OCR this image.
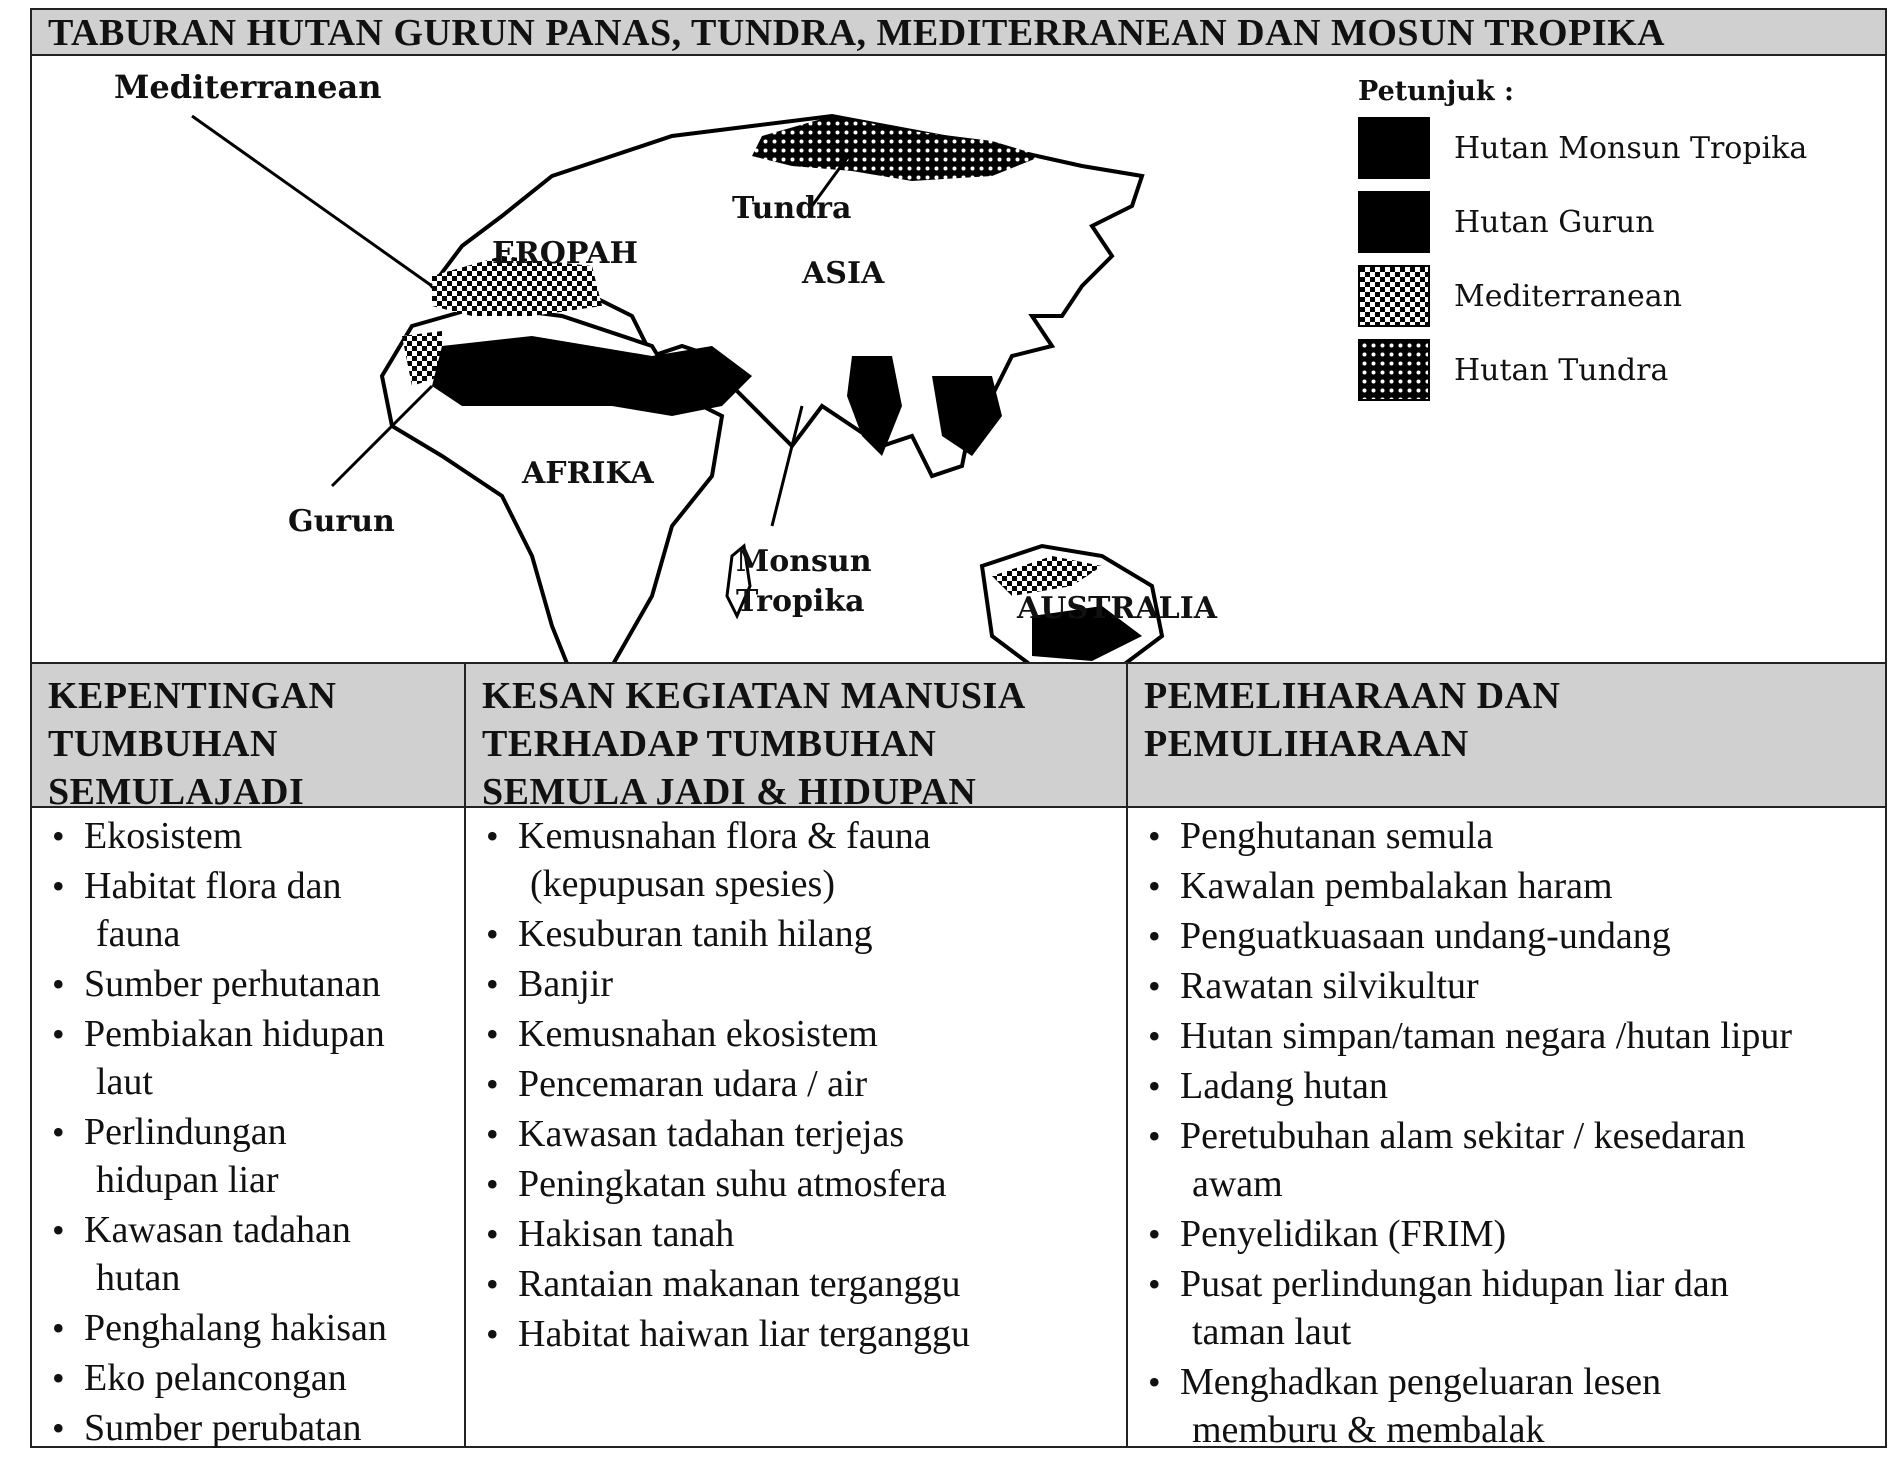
TABURAN HUTAN GURUN PANAS, TUNDRA, MEDITERRANEAN DAN MOSUN TROPIKA
Mediterranean
Tundra
EROPAH
ASIA
AFRIKA
Gurun
Monsun
Tropika	AUSTRALIA
Petunjuk :
Hutan Monsun Tropika
Hutan Gurun
Mediterranean
Hutan Tundra
KEPENTINGAN
TUMBUHAN
SEMULAJADI
KESAN KEGIATAN MANUSIA
TERHADAP TUMBUHAN
SEMULA JADI & HIDUPAN
PEMELIHARAAN DAN
PEMULIHARAAN
• Ekosistem
• Habitat flora dan
fauna
• Sumber perhutanan
• Pembiakan hidupan
laut
• Perlindungan
hidupan liar
• Kawasan tadahan
hutan
• Penghalang hakisan
• Eko pelancongan
• Sumber perubatan
• Kemusnahan flora & fauna
(kepupusan spesies)
• Kesuburan tanih hilang
• Banjir
• Kemusnahan ekosistem
• Pencemaran udara / air
• Kawasan tadahan terjejas
• Peningkatan suhu atmosfera
• Hakisan tanah
• Rantaian makanan terganggu
• Habitat haiwan liar terganggu
• Penghutanan semula
• Kawalan pembalakan haram
• Penguatkuasaan undang-undang
• Rawatan silvikultur
• Hutan simpan/taman negara /hutan lipur
• Ladang hutan
• Peretubuhan alam sekitar / kesedaran
awam
• Penyelidikan (FRIM)
• Pusat perlindungan hidupan liar dan
taman laut
• Menghadkan pengeluaran lesen
memburu & membalak
